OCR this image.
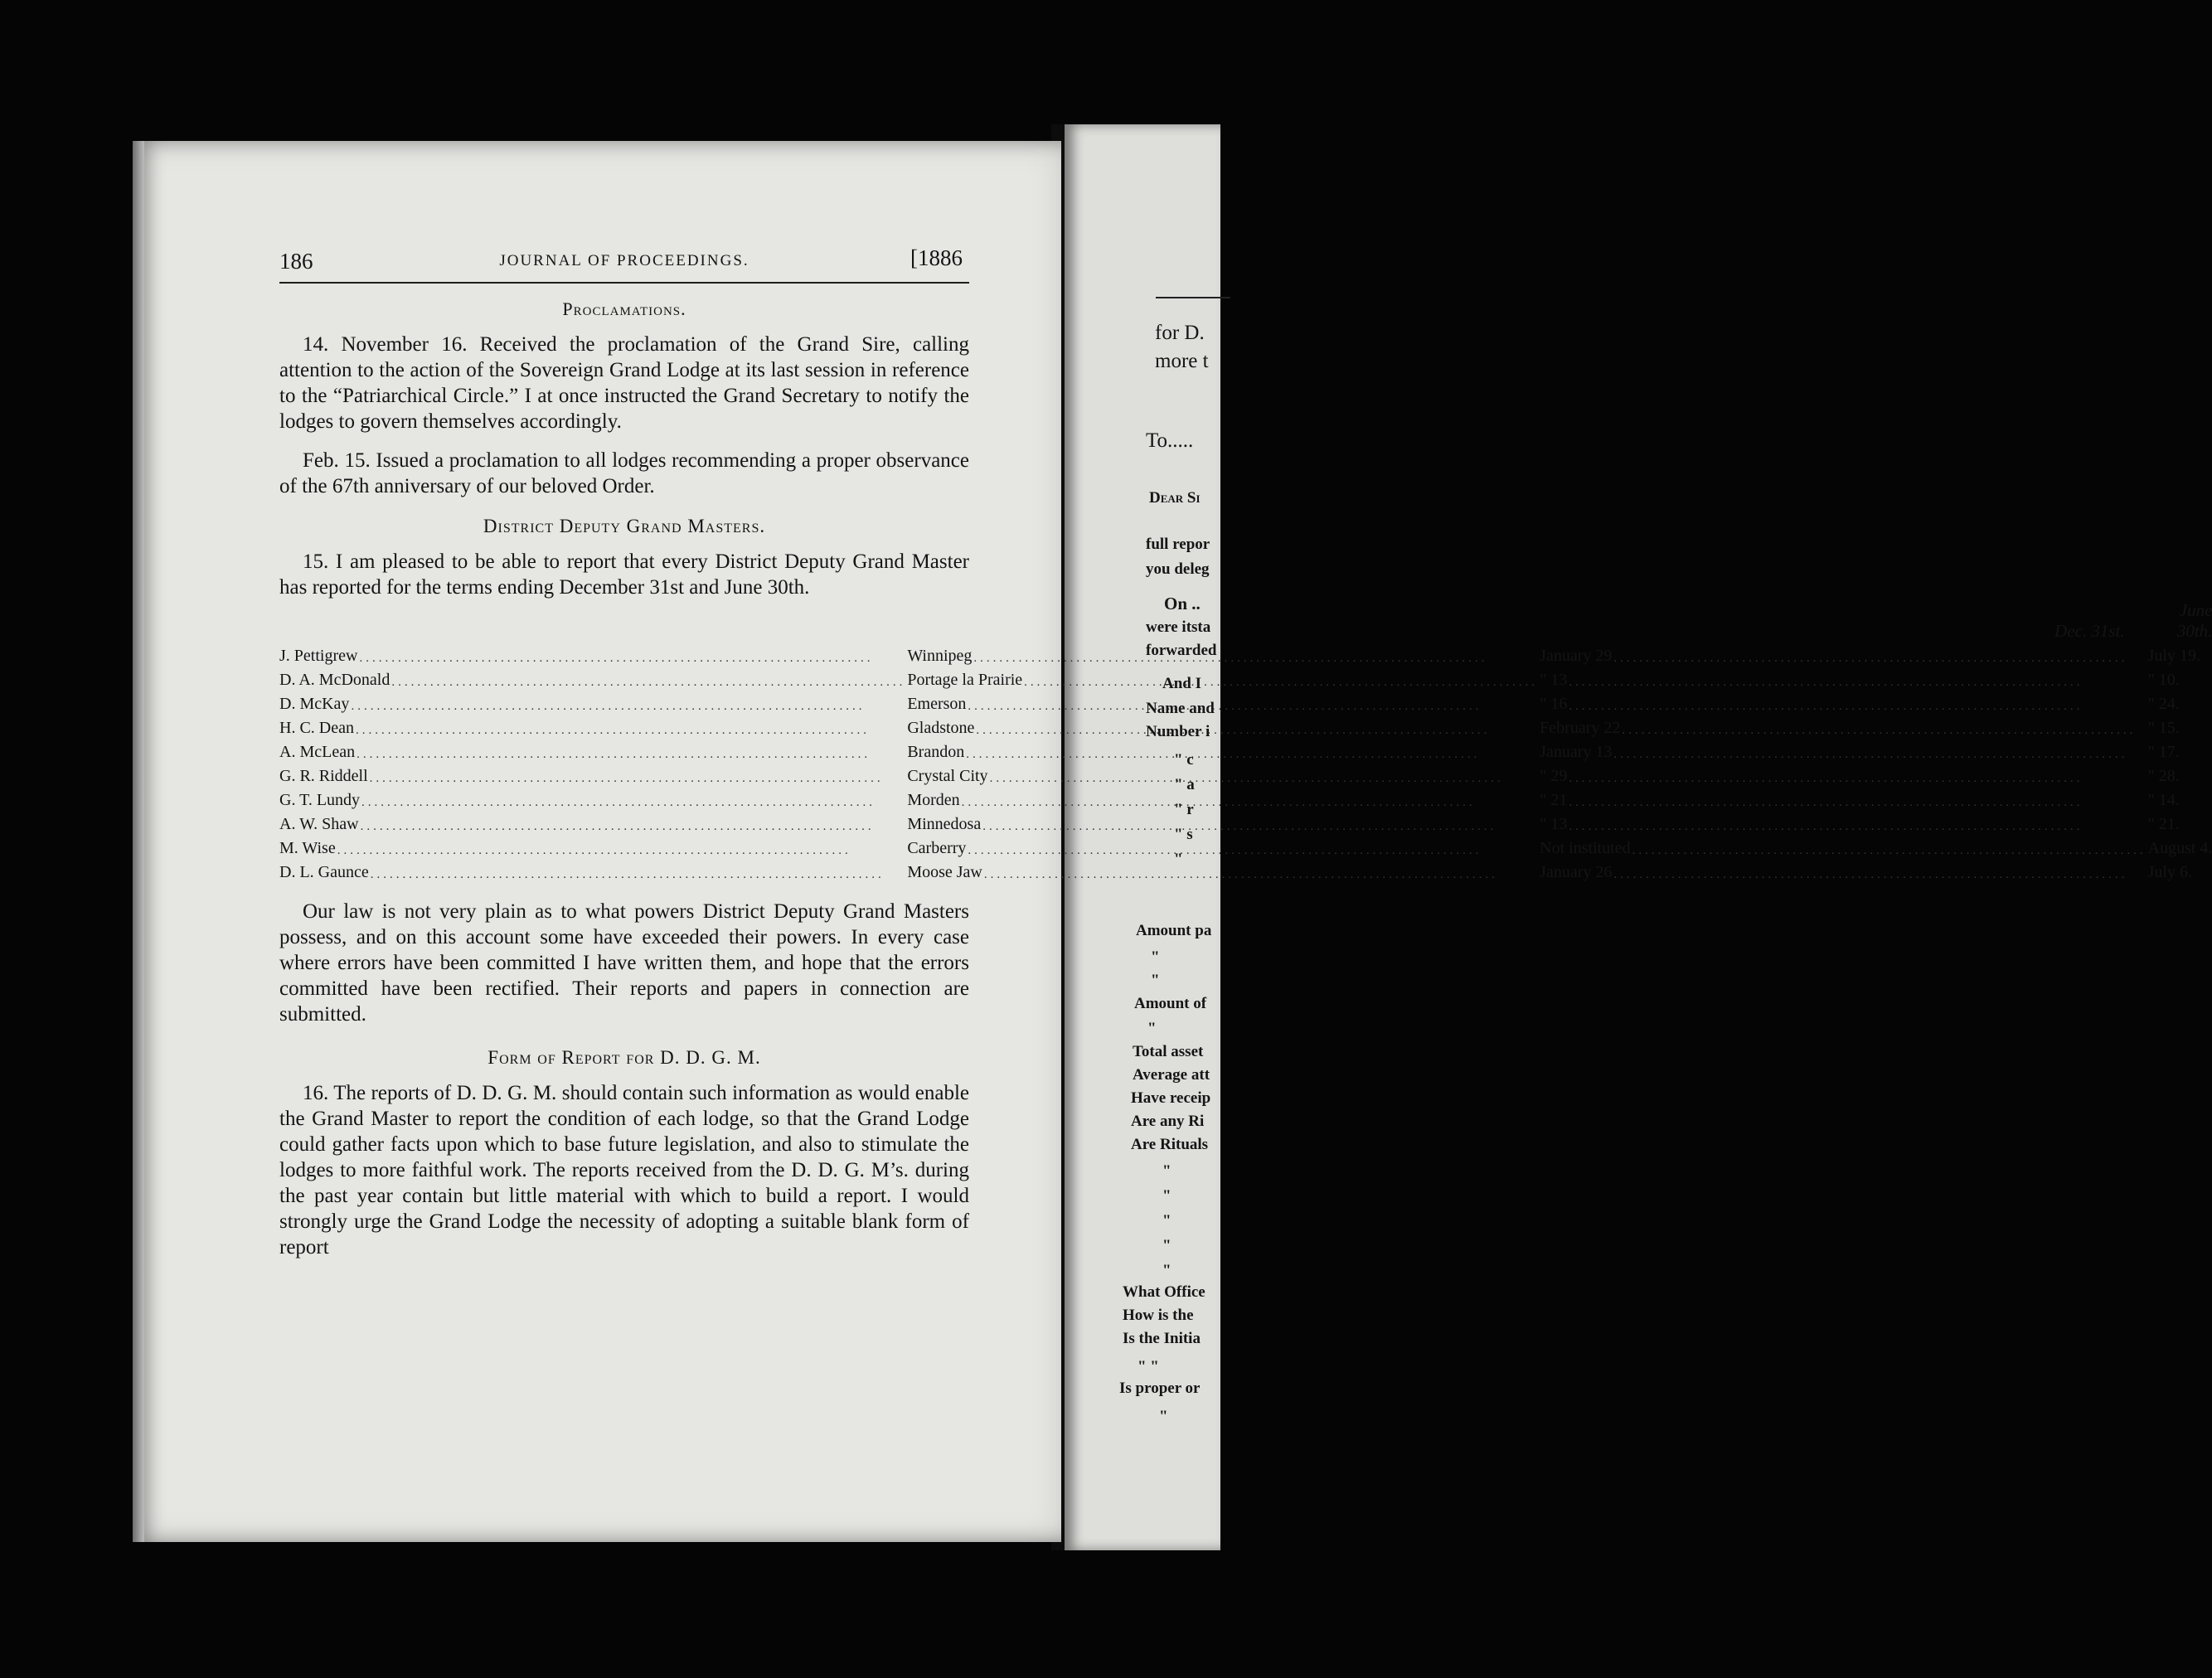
for D.
more t
To.....
Dear Si
full repor
you deleg
On ..
were itsta
forwarded
And I
Name and
Number i
" c
" a
" r
" s
"
Amount pa
"
"
Amount of
"
Total asset
Average att
Have receip
Are any Ri
Are Rituals
"
"
"
"
"
What Office
How is the
Is the Initia
" "
Is proper or
"
186	JOURNAL OF PROCEEDINGS.	[1886
Proclamations.

14. November 16. Received the proclamation of the Grand Sire, calling attention to the action of the Sovereign Grand Lodge at its last session in reference to the “Patriarchical Circle.” I at once instructed the Grand Secretary to notify the lodges to govern themselves accordingly.

Feb. 15. Issued a proclamation to all lodges recommending a proper observance of the 67th anniversary of our beloved Order.

District Deputy Grand Masters.

15. I am pleased to be able to report that every District Deputy Grand Master has reported for the terms ending December 31st and June 30th.

		Dec. 31st.	June 30th.

J. Pettigrew
.....	Winnipeg
.....	January 29
.....	July 19.

D. A. McDonald
.....	Portage la Prairie
.....	" 13
.....	" 10.

D. McKay
.....	Emerson
.....	" 16
.....	" 24.

H. C. Dean
.....	Gladstone
.....	February 22
.....	" 15.

A. McLean
.....	Brandon
.....	January 13
.....	" 17.

G. R. Riddell
.....	Crystal City
.....	" 29
.....	" 28.

G. T. Lundy
.....	Morden
.....	" 21
.....	" 14.

A. W. Shaw
.....	Minnedosa
.....	" 13
.....	" 21.

M. Wise
.....	Carberry
.....	Not instituted
.....	August 4.

D. L. Gaunce
.....	Moose Jaw
.....	January 26
.....	July 6.

Our law is not very plain as to what powers District Deputy Grand Masters possess, and on this account some have exceeded their powers. In every case where errors have been committed I have written them, and hope that the errors committed have been rectified. Their reports and papers in connection are submitted.

Form of Report for D. D. G. M.

16. The reports of D. D. G. M. should contain such information as would enable the Grand Master to report the condition of each lodge, so that the Grand Lodge could gather facts upon which to base future legislation, and also to stimulate the lodges to more faithful work. The reports received from the D. D. G. M’s. during the past year contain but little material with which to build a report. I would strongly urge the Grand Lodge the necessity of adopting a suitable blank form of report
